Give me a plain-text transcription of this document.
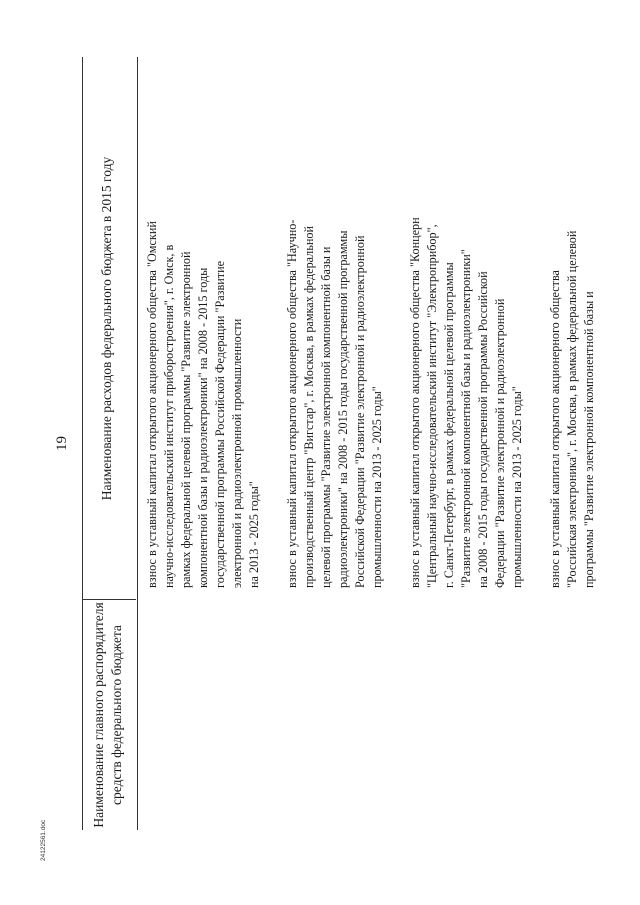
19
Наименование главного распорядителя средств федерального бюджета
Наименование расходов федерального бюджета в 2015 году	взнос в уставный капитал открытого акционерного общества "Омский научно-исследовательский институт приборостроения", г. Омск, в рамках федеральной целевой программы "Развитие электронной компонентной базы и радиоэлектроники" на 2008 - 2015 годы государственной программы Российской Федерации "Развитие электронной и радиоэлектронной промышленности на 2013 - 2025 годы" взнос в уставный капитал открытого акционерного общества "Научно- производственный центр "Вигстар", г. Москва, в рамках федеральной целевой программы "Развитие электронной компонентной базы и радиоэлектроники" на 2008 - 2015 годы государственной программы Российской Федерации "Развитие электронной и радиоэлектронной промышленности на 2013 - 2025 годы" взнос в уставный капитал открытого акционерного общества "Концерн "Центральный научно-исследовательский институт "Электроприбор", г. Санкт-Петербург, в рамках федеральной целевой программы "Развитие электронной компонентной базы и радиоэлектроники" на 2008 - 2015 годы государственной программы Российской Федерации "Развитие электронной и радиоэлектронной промышленности на 2013 - 2025 годы" взнос в уставный капитал открытого акционерного общества "Российская электроника", г. Москва, в рамках федеральной целевой программы "Развитие электронной компонентной базы и
24122561.doc
